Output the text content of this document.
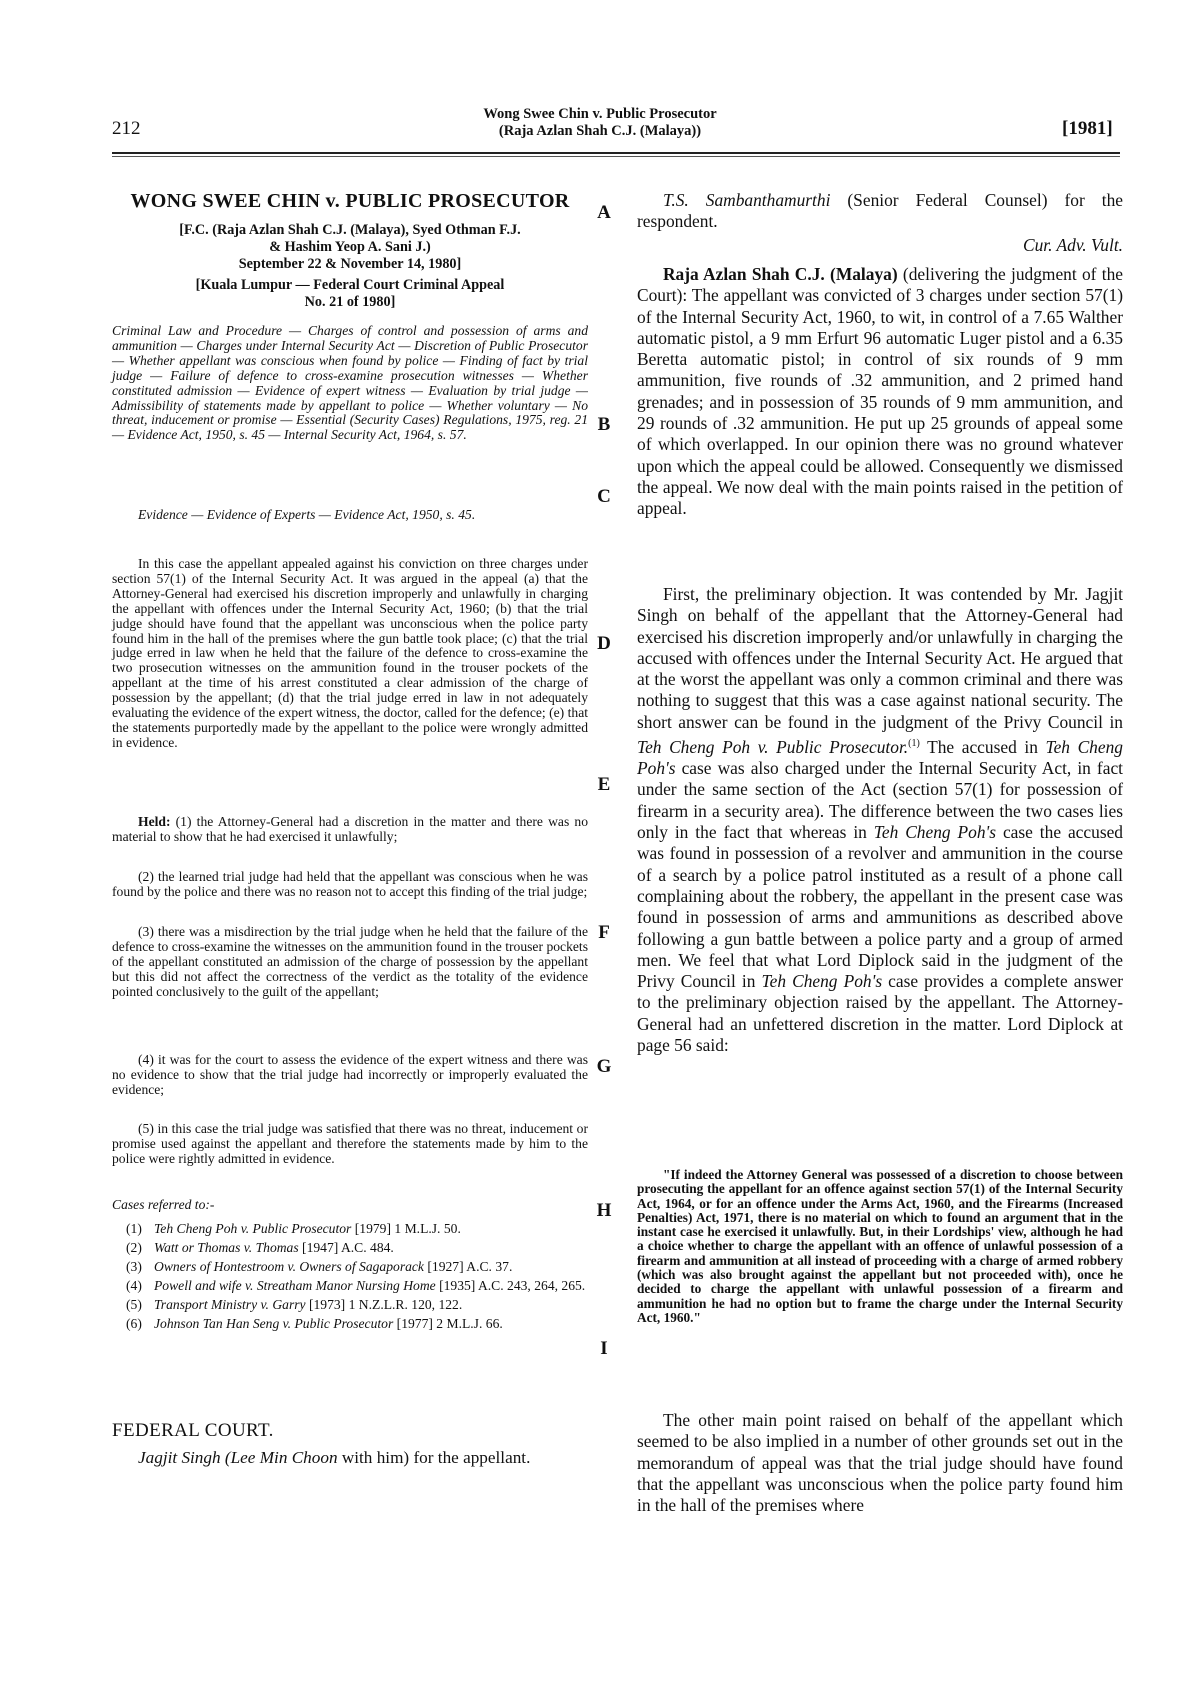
212
Wong Swee Chin v. Public Prosecutor
(Raja Azlan Shah C.J. (Malaya))	[1981]
WONG SWEE CHIN v. PUBLIC PROSECUTOR
[F.C. (Raja Azlan Shah C.J. (Malaya), Syed Othman F.J.
& Hashim Yeop A. Sani J.)
September 22 & November 14, 1980]
[Kuala Lumpur — Federal Court Criminal Appeal
No. 21 of 1980]
Criminal Law and Procedure — Charges of control and possession of arms and ammunition — Charges under Internal Security Act — Discretion of Public Prosecutor — Whether appellant was conscious when found by police — Finding of fact by trial judge — Failure of defence to cross-examine prosecution witnesses — Whether constituted admission — Evidence of expert witness — Evaluation by trial judge — Admissibility of statements made by appellant to police — Whether voluntary — No threat, inducement or promise — Essential (Security Cases) Regulations, 1975, reg. 21 — Evidence Act, 1950, s. 45 — Internal Security Act, 1964, s. 57.
Evidence — Evidence of Experts — Evidence Act, 1950, s. 45.
In this case the appellant appealed against his conviction on three charges under section 57(1) of the Internal Security Act. It was argued in the appeal (a) that the Attorney-General had exercised his discretion improperly and unlawfully in charging the appellant with offences under the Internal Security Act, 1960; (b) that the trial judge should have found that the appellant was unconscious when the police party found him in the hall of the premises where the gun battle took place; (c) that the trial judge erred in law when he held that the failure of the defence to cross-examine the two prosecution witnesses on the ammunition found in the trouser pockets of the appellant at the time of his arrest constituted a clear admission of the charge of possession by the appellant; (d) that the trial judge erred in law in not adequately evaluating the evidence of the expert witness, the doctor, called for the defence; (e) that the statements purportedly made by the appellant to the police were wrongly admitted in evidence.
Held: (1) the Attorney-General had a discretion in the matter and there was no material to show that he had exercised it unlawfully;
(2) the learned trial judge had held that the appellant was conscious when he was found by the police and there was no reason not to accept this finding of the trial judge;
(3) there was a misdirection by the trial judge when he held that the failure of the defence to cross-examine the witnesses on the ammunition found in the trouser pockets of the appellant constituted an admission of the charge of possession by the appellant but this did not affect the correctness of the verdict as the totality of the evidence pointed conclusively to the guilt of the appellant;
(4) it was for the court to assess the evidence of the expert witness and there was no evidence to show that the trial judge had incorrectly or improperly evaluated the evidence;
(5) in this case the trial judge was satisfied that there was no threat, inducement or promise used against the appellant and therefore the statements made by him to the police were rightly admitted in evidence.
Cases referred to:-
(1) Teh Cheng Poh v. Public Prosecutor [1979] 1 M.L.J. 50.
(2) Watt or Thomas v. Thomas [1947] A.C. 484.
(3) Owners of Hontestroom v. Owners of Sagaporack [1927] A.C. 37.
(4) Powell and wife v. Streatham Manor Nursing Home [1935] A.C. 243, 264, 265.
(5) Transport Ministry v. Garry [1973] 1 N.Z.L.R. 120, 122.
(6) Johnson Tan Han Seng v. Public Prosecutor [1977] 2 M.L.J. 66.
FEDERAL COURT.
Jagjit Singh (Lee Min Choon with him) for the appellant.
A
B
C
D
E
F
G
H
I
T.S. Sambanthamurthi (Senior Federal Counsel) for the respondent.
Cur. Adv. Vult.
Raja Azlan Shah C.J. (Malaya) (delivering the judgment of the Court): The appellant was convicted of 3 charges under section 57(1) of the Internal Security Act, 1960, to wit, in control of a 7.65 Walther automatic pistol, a 9 mm Erfurt 96 automatic Luger pistol and a 6.35 Beretta automatic pistol; in control of six rounds of 9 mm ammunition, five rounds of .32 ammunition, and 2 primed hand grenades; and in possession of 35 rounds of 9 mm ammunition, and 29 rounds of .32 ammunition. He put up 25 grounds of appeal some of which overlapped. In our opinion there was no ground whatever upon which the appeal could be allowed. Consequently we dismissed the appeal. We now deal with the main points raised in the petition of appeal.
First, the preliminary objection. It was contended by Mr. Jagjit Singh on behalf of the appellant that the Attorney-General had exercised his discretion improperly and/or unlawfully in charging the accused with offences under the Internal Security Act. He argued that at the worst the appellant was only a common criminal and there was nothing to suggest that this was a case against national security. The short answer can be found in the judgment of the Privy Council in Teh Cheng Poh v. Public Prosecutor.$^{(1)}$ The accused in Teh Cheng Poh's case was also charged under the Internal Security Act, in fact under the same section of the Act (section 57(1) for possession of firearm in a security area). The difference between the two cases lies only in the fact that whereas in Teh Cheng Poh's case the accused was found in possession of a revolver and ammunition in the course of a search by a police patrol instituted as a result of a phone call complaining about the robbery, the appellant in the present case was found in possession of arms and ammunitions as described above following a gun battle between a police party and a group of armed men. We feel that what Lord Diplock said in the judgment of the Privy Council in Teh Cheng Poh's case provides a complete answer to the preliminary objection raised by the appellant. The Attorney-General had an unfettered discretion in the matter. Lord Diplock at page 56 said:
"If indeed the Attorney General was possessed of a discretion to choose between prosecuting the appellant for an offence against section 57(1) of the Internal Security Act, 1964, or for an offence under the Arms Act, 1960, and the Firearms (Increased Penalties) Act, 1971, there is no material on which to found an argument that in the instant case he exercised it unlawfully. But, in their Lordships' view, although he had a choice whether to charge the appellant with an offence of unlawful possession of a firearm and ammunition at all instead of proceeding with a charge of armed robbery (which was also brought against the appellant but not proceeded with), once he decided to charge the appellant with unlawful possession of a firearm and ammunition he had no option but to frame the charge under the Internal Security Act, 1960."
The other main point raised on behalf of the appellant which seemed to be also implied in a number of other grounds set out in the memorandum of appeal was that the trial judge should have found that the appellant was unconscious when the police party found him in the hall of the premises where
